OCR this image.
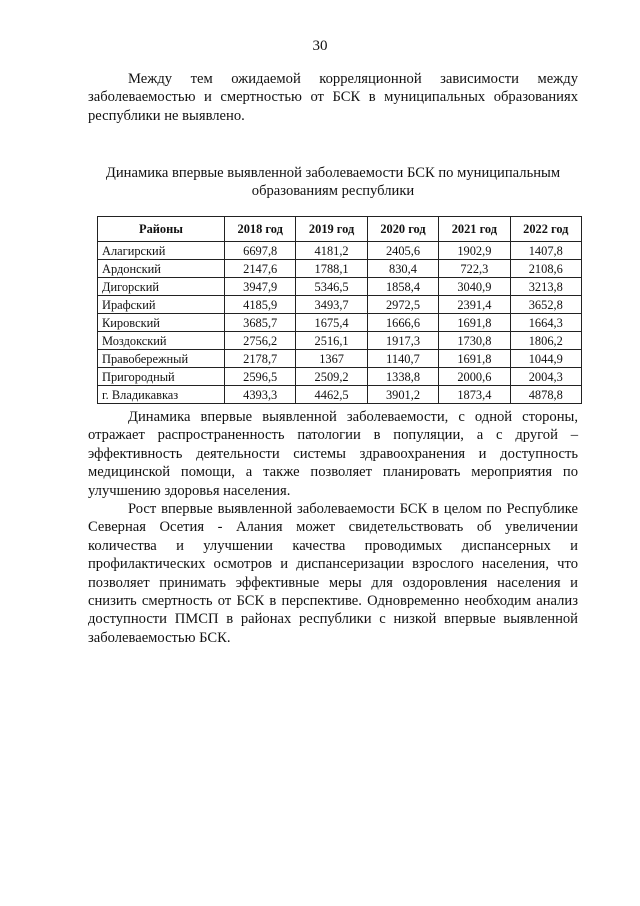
30

Между тем ожидаемой корреляционной зависимости между заболеваемостью и смертностью от БСК в муниципальных образованиях республики не выявлено.

Динамика впервые выявленной заболеваемости БСК по муниципальным образованиям республики

Районы	2018 год	2019 год	2020 год	2021 год	2022 год
Алагирский	6697,8	4181,2	2405,6	1902,9	1407,8
Ардонский	2147,6	1788,1	830,4	722,3	2108,6
Дигорский	3947,9	5346,5	1858,4	3040,9	3213,8
Ирафский	4185,9	3493,7	2972,5	2391,4	3652,8
Кировский	3685,7	1675,4	1666,6	1691,8	1664,3
Моздокский	2756,2	2516,1	1917,3	1730,8	1806,2
Правобережный	2178,7	1367	1140,7	1691,8	1044,9
Пригородный	2596,5	2509,2	1338,8	2000,6	2004,3
г. Владикавказ	4393,3	4462,5	3901,2	1873,4	4878,8

Динамика впервые выявленной заболеваемости, с одной стороны, отражает распространенность патологии в популяции, а с другой – эффективность деятельности системы здравоохранения и доступность медицинской помощи, а также позволяет планировать мероприятия по улучшению здоровья населения.

Рост впервые выявленной заболеваемости БСК в целом по Республике Северная Осетия - Алания может свидетельствовать об увеличении количества и улучшении качества проводимых диспансерных и профилактических осмотров и диспансеризации взрослого населения, что позволяет принимать эффективные меры для оздоровления населения и снизить смертность от БСК в перспективе. Одновременно необходим анализ доступности ПМСП в районах республики с низкой впервые выявленной заболеваемостью БСК.
